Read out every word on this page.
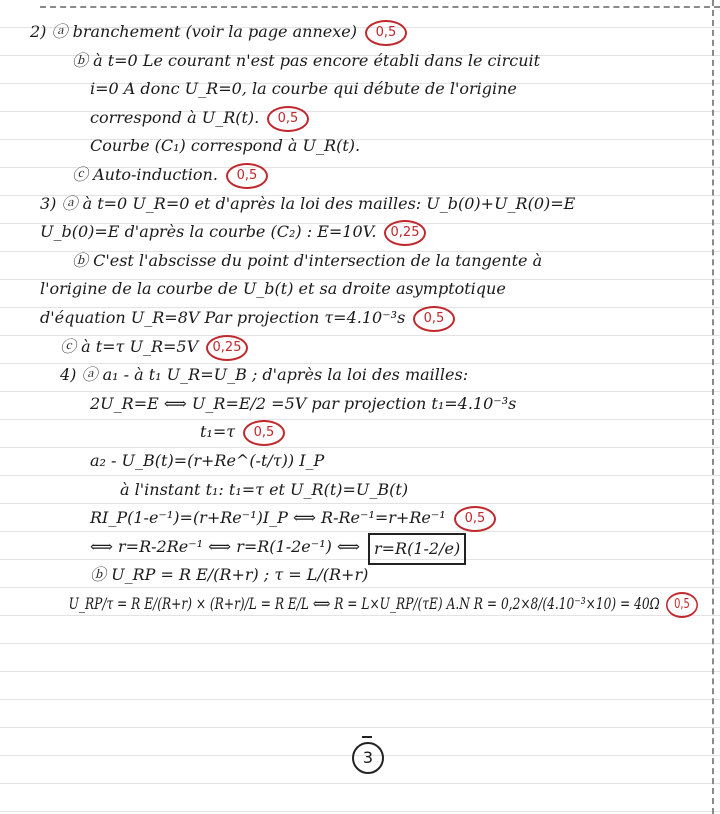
2) ⓐ branchement (voir la page annexe)	0,5
ⓑ à t=0 Le courant n'est pas encore établi dans le circuit
i=0 A donc U_R=0, la courbe qui débute de l'origine
correspond à U_R(t).	0,5
Courbe (C₁) correspond à U_R(t).
ⓒ Auto-induction.	0,5
3) ⓐ à t=0 U_R=0 et d'après la loi des mailles: U_b(0)+U_R(0)=E
U_b(0)=E d'après la courbe (C₂) : E=10V.	0,25
ⓑ C'est l'abscisse du point d'intersection de la tangente à
l'origine de la courbe de U_b(t) et sa droite asymptotique
d'équation U_R=8V Par projection τ=4.10⁻³s	0,5
ⓒ à t=τ U_R=5V	0,25
4) ⓐ a₁ - à t₁ U_R=U_B ; d'après la loi des mailles:
2U_R=E ⟺ U_R=E/2 =5V par projection t₁=4.10⁻³s
t₁=τ	0,5
a₂ - U_B(t)=(r+Re^(-t/τ)) I_P
à l'instant t₁: t₁=τ et U_R(t)=U_B(t)
RI_P(1-e⁻¹)=(r+Re⁻¹)I_P ⟺ R-Re⁻¹=r+Re⁻¹	0,5
⟺ r=R-2Re⁻¹ ⟺ r=R(1-2e⁻¹) ⟺ r=R(1-2/e)
ⓑ U_RP = R E/(R+r) ; τ = L/(R+r)
U_RP/τ = R E/(R+r) × (R+r)/L = R E/L ⟺ R = L×U_RP/(τE) A.N R = 0,2×8/(4.10⁻³×10) = 40Ω	0,5
3
